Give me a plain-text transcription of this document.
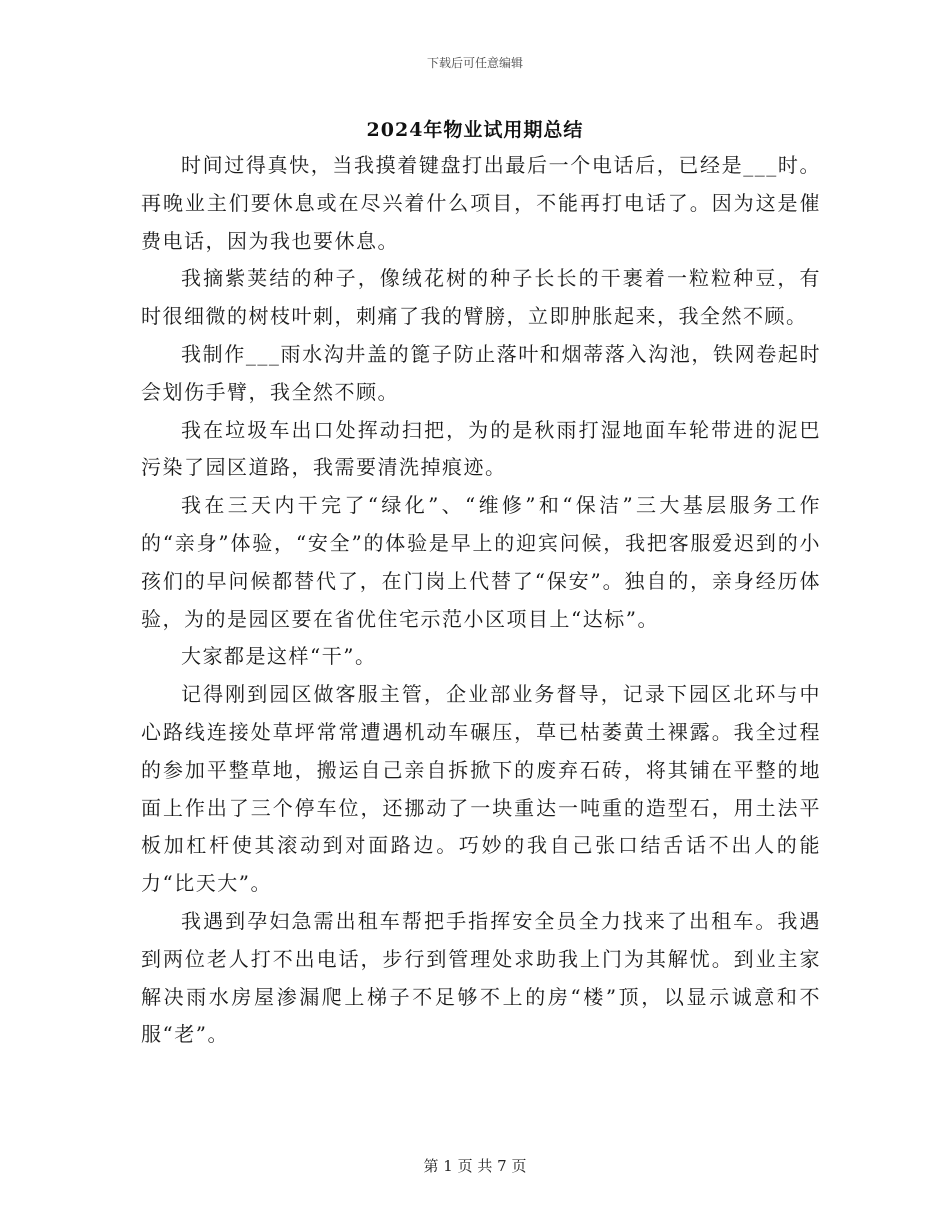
下载后可任意编辑
2024年物业试用期总结

时间过得真快，当我摸着键盘打出最后一个电话后，已经是___时。再晚业主们要休息或在尽兴着什么项目，不能再打电话了。因为这是催费电话，因为我也要休息。

我摘紫荚结的种子，像绒花树的种子长长的干裹着一粒粒种豆，有时很细微的树枝叶刺，刺痛了我的臂膀，立即肿胀起来，我全然不顾。

我制作___雨水沟井盖的篦子防止落叶和烟蒂落入沟池，铁网卷起时会划伤手臂，我全然不顾。

我在垃圾车出口处挥动扫把，为的是秋雨打湿地面车轮带进的泥巴污染了园区道路，我需要清洗掉痕迹。

我在三天内干完了“绿化”、“维修”和“保洁”三大基层服务工作的“亲身”体验，“安全”的体验是早上的迎宾问候，我把客服爱迟到的小孩们的早问候都替代了，在门岗上代替了“保安”。独自的，亲身经历体验，为的是园区要在省优住宅示范小区项目上“达标”。

大家都是这样“干”。

记得刚到园区做客服主管，企业部业务督导，记录下园区北环与中心路线连接处草坪常常遭遇机动车碾压，草已枯萎黄土裸露。我全过程的参加平整草地，搬运自己亲自拆掀下的废弃石砖，将其铺在平整的地面上作出了三个停车位，还挪动了一块重达一吨重的造型石，用土法平板加杠杆使其滚动到对面路边。巧妙的我自己张口结舌话不出人的能力“比天大”。

我遇到孕妇急需出租车帮把手指挥安全员全力找来了出租车。我遇到两位老人打不出电话，步行到管理处求助我上门为其解忧。到业主家解决雨水房屋渗漏爬上梯子不足够不上的房“楼”顶，以显示诚意和不服“老”。

第 1 页 共 7 页
